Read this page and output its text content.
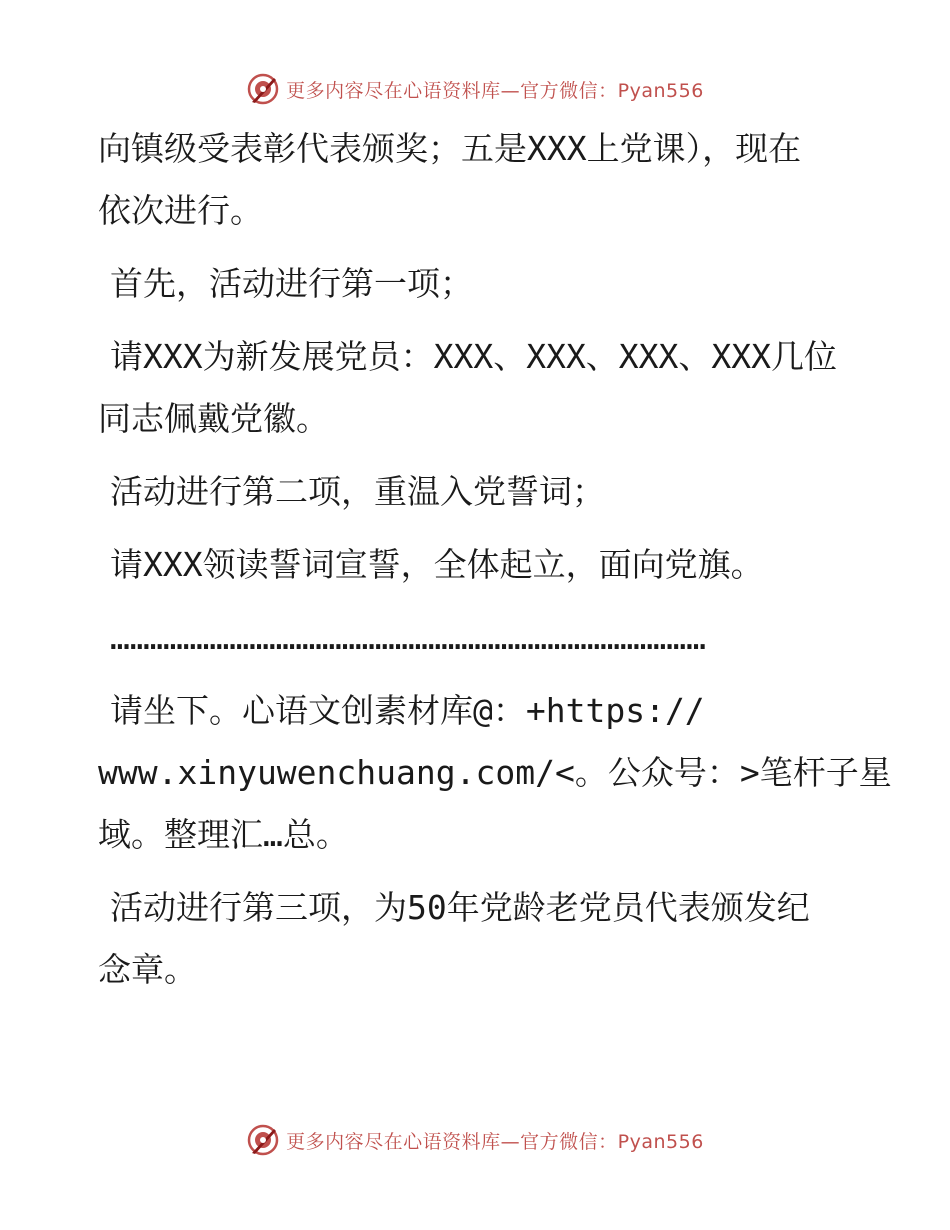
更多内容尽在心语资料库—官方微信：Pyan556

向镇级受表彰代表颁奖；五是XXX上党课），现在
依次进行。

首先，活动进行第一项；

请XXX为新发展党员：XXX、XXX、XXX、XXX几位
同志佩戴党徽。

活动进行第二项，重温入党誓词；

请XXX领读誓词宣誓，全体起立，面向党旗。

………………………………………………………………………………

请坐下。心语文创素材库@：+https://
www.xinyuwenchuang.com/<。公众号：>笔杆子星
域。整理汇…总。

活动进行第三项，为50年党龄老党员代表颁发纪
念章。

更多内容尽在心语资料库—官方微信：Pyan556
